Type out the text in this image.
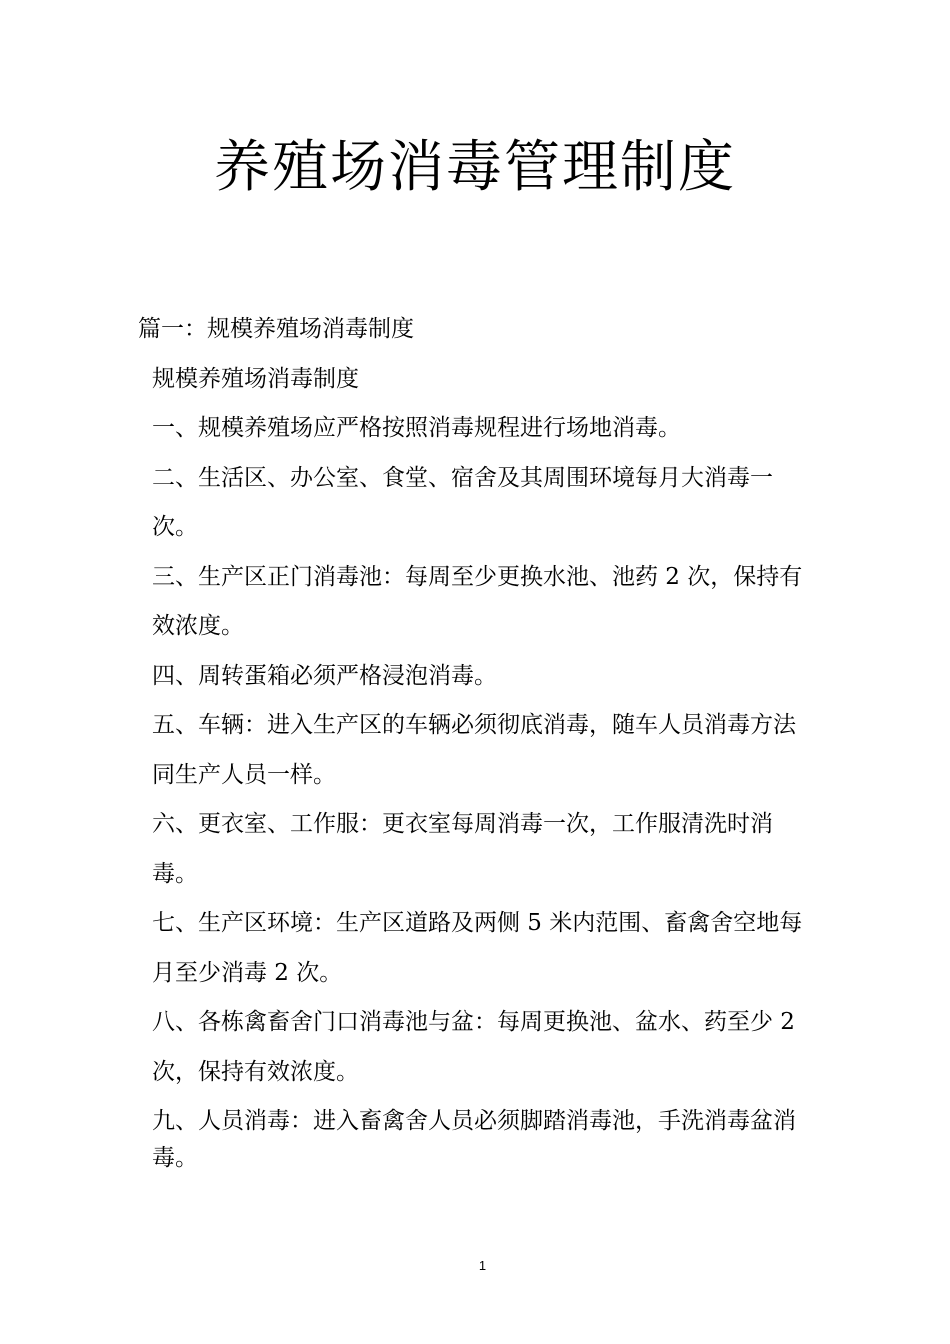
养殖场消毒管理制度

篇一：规模养殖场消毒制度

规模养殖场消毒制度

一、规模养殖场应严格按照消毒规程进行场地消毒。

二、生活区、办公室、食堂、宿舍及其周围环境每月大消毒一次。

三、生产区正门消毒池：每周至少更换水池、池药 2 次，保持有效浓度。

四、周转蛋箱必须严格浸泡消毒。

五、车辆：进入生产区的车辆必须彻底消毒，随车人员消毒方法同生产人员一样。

六、更衣室、工作服：更衣室每周消毒一次，工作服清洗时消毒。

七、生产区环境：生产区道路及两侧 5 米内范围、畜禽舍空地每月至少消毒 2 次。

八、各栋禽畜舍门口消毒池与盆：每周更换池、盆水、药至少 2 次，保持有效浓度。

九、人员消毒：进入畜禽舍人员必须脚踏消毒池，手洗消毒盆消毒。

1
